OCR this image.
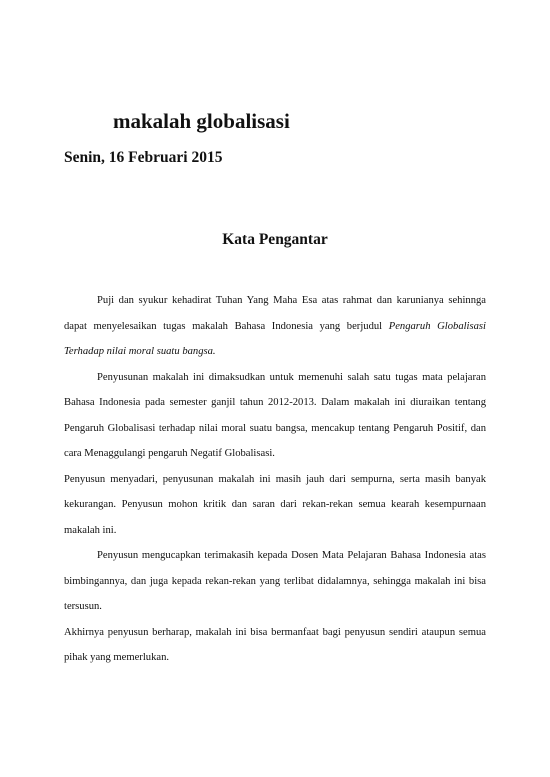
makalah globalisasi
Senin, 16 Februari 2015
Kata Pengantar

Puji dan syukur kehadirat Tuhan Yang Maha Esa atas rahmat dan karunianya sehinnga dapat menyelesaikan tugas makalah Bahasa Indonesia yang berjudul Pengaruh Globalisasi Terhadap nilai moral suatu bangsa.

Penyusunan makalah ini dimaksudkan untuk memenuhi salah satu tugas mata pelajaran Bahasa Indonesia pada semester ganjil tahun 2012-2013. Dalam makalah ini diuraikan tentang Pengaruh Globalisasi terhadap nilai moral suatu bangsa, mencakup tentang Pengaruh Positif, dan cara Menaggulangi pengaruh Negatif Globalisasi.

Penyusun menyadari, penyusunan makalah ini masih jauh dari sempurna, serta masih banyak kekurangan. Penyusun mohon kritik dan saran dari rekan-rekan semua kearah kesempurnaan makalah ini.

Penyusun mengucapkan terimakasih kepada Dosen Mata Pelajaran Bahasa Indonesia atas bimbingannya, dan juga kepada rekan-rekan yang terlibat didalamnya, sehingga makalah ini bisa tersusun.

Akhirnya penyusun berharap, makalah ini bisa bermanfaat bagi penyusun sendiri ataupun semua pihak yang memerlukan.
